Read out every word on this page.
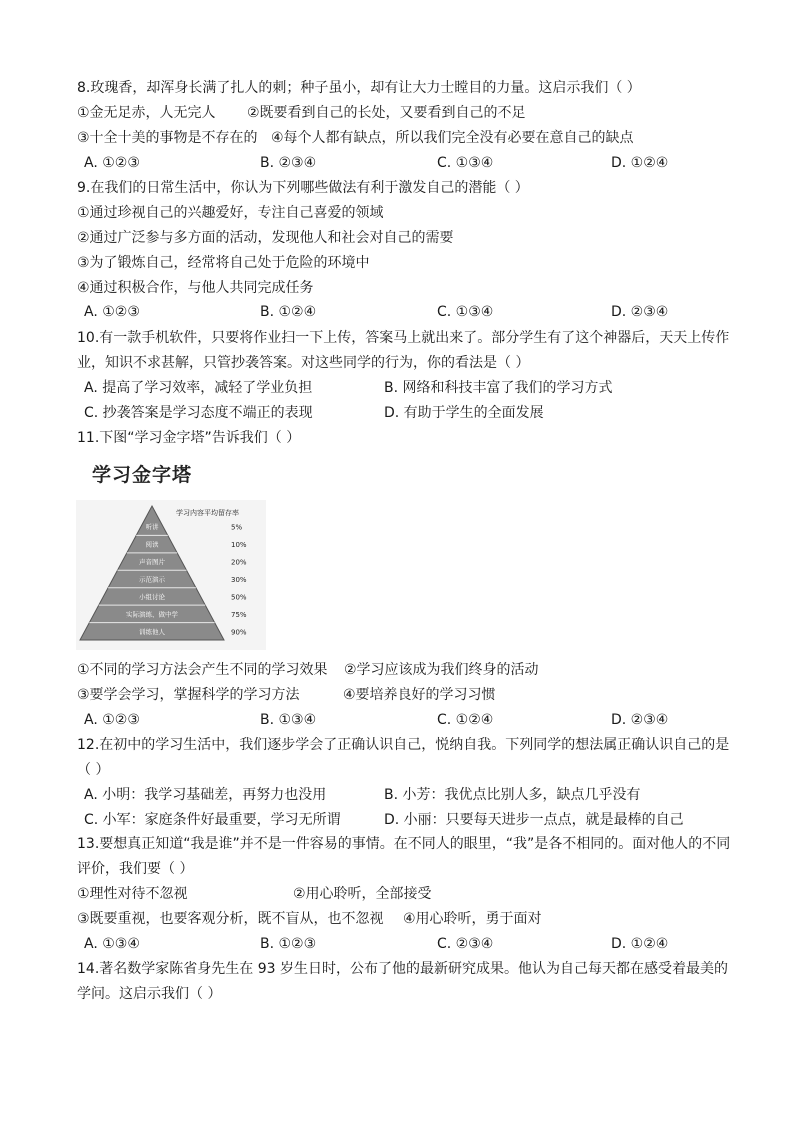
8.玫瑰香，却浑身长满了扎人的刺；种子虽小，却有让大力士瞠目的力量。这启示我们（ ）
①金无足赤，人无完人 ②既要看到自己的长处，又要看到自己的不足
③十全十美的事物是不存在的 ④每个人都有缺点，所以我们完全没有必要在意自己的缺点
A. ①②③	B. ②③④	C. ①③④	D. ①②④
9.在我们的日常生活中，你认为下列哪些做法有利于激发自己的潜能（ ）
①通过珍视自己的兴趣爱好，专注自己喜爱的领域
②通过广泛参与多方面的活动，发现他人和社会对自己的需要
③为了锻炼自己，经常将自己处于危险的环境中
④通过积极合作，与他人共同完成任务
A. ①②③	B. ①②④	C. ①③④	D. ②③④
10.有一款手机软件，只要将作业扫一下上传，答案马上就出来了。部分学生有了这个神器后，天天上传作
业，知识不求甚解，只管抄袭答案。对这些同学的行为，你的看法是（ ）
A. 提高了学习效率，减轻了学业负担	B. 网络和科技丰富了我们的学习方式
C. 抄袭答案是学习态度不端正的表现	D. 有助于学生的全面发展
11.下图“学习金字塔”告诉我们（ ）
学习金字塔
听讲
阅读
声音图片
示范演示
小组讨论
实际演练、做中学
训练他人
5%
10%
20%
30%
50%
75%
90%
学习内容平均留存率
①不同的学习方法会产生不同的学习效果 ②学习应该成为我们终身的活动
③要学会学习，掌握科学的学习方法	④要培养良好的学习习惯
A. ①②③	B. ①③④	C. ①②④	D. ②③④
12.在初中的学习生活中，我们逐步学会了正确认识自己，悦纳自我。下列同学的想法属正确认识自己的是
（ ）
A. 小明：我学习基础差，再努力也没用	B. 小芳：我优点比别人多，缺点几乎没有
C. 小军：家庭条件好最重要，学习无所谓	D. 小丽：只要每天进步一点点，就是最棒的自己
13.要想真正知道“我是谁”并不是一件容易的事情。在不同人的眼里，“我”是各不相同的。面对他人的不同
评价，我们要（ ）
①理性对待不忽视	②用心聆听，全部接受
③既要重视，也要客观分析，既不盲从，也不忽视 ④用心聆听，勇于面对
A. ①③④	B. ①②③	C. ②③④	D. ①②④
14.著名数学家陈省身先生在 93 岁生日时，公布了他的最新研究成果。他认为自己每天都在感受着最美的
学问。这启示我们（ ）
